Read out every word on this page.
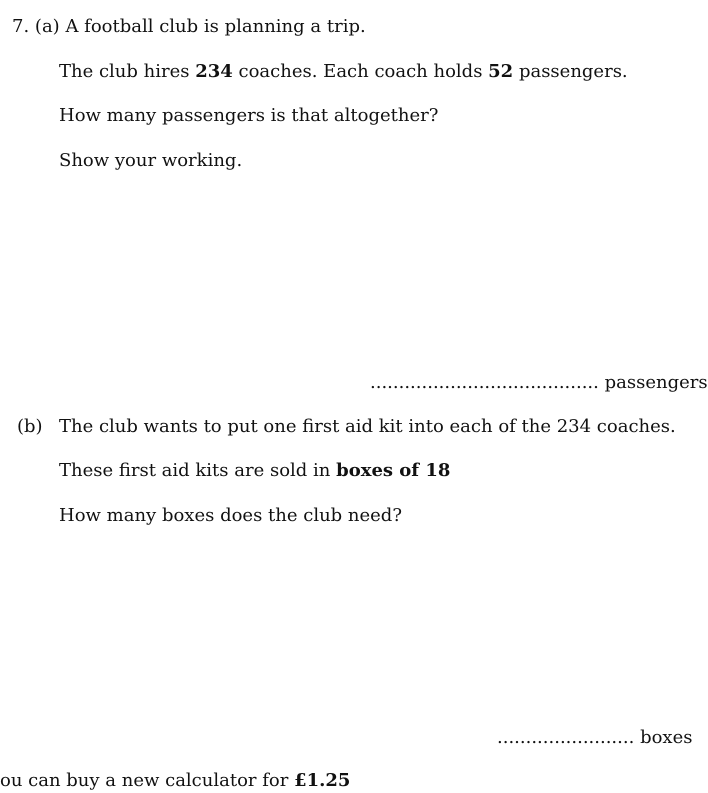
7. (a) A football club is planning a trip.
The club hires 234 coaches. Each coach holds 52 passengers.
How many passengers is that altogether?
Show your working.
........................................ passengers
(b) The club wants to put one first aid kit into each of the 234 coaches.
These first aid kits are sold in boxes of 18
How many boxes does the club need?
........................ boxes
ou can buy a new calculator for £1.25
